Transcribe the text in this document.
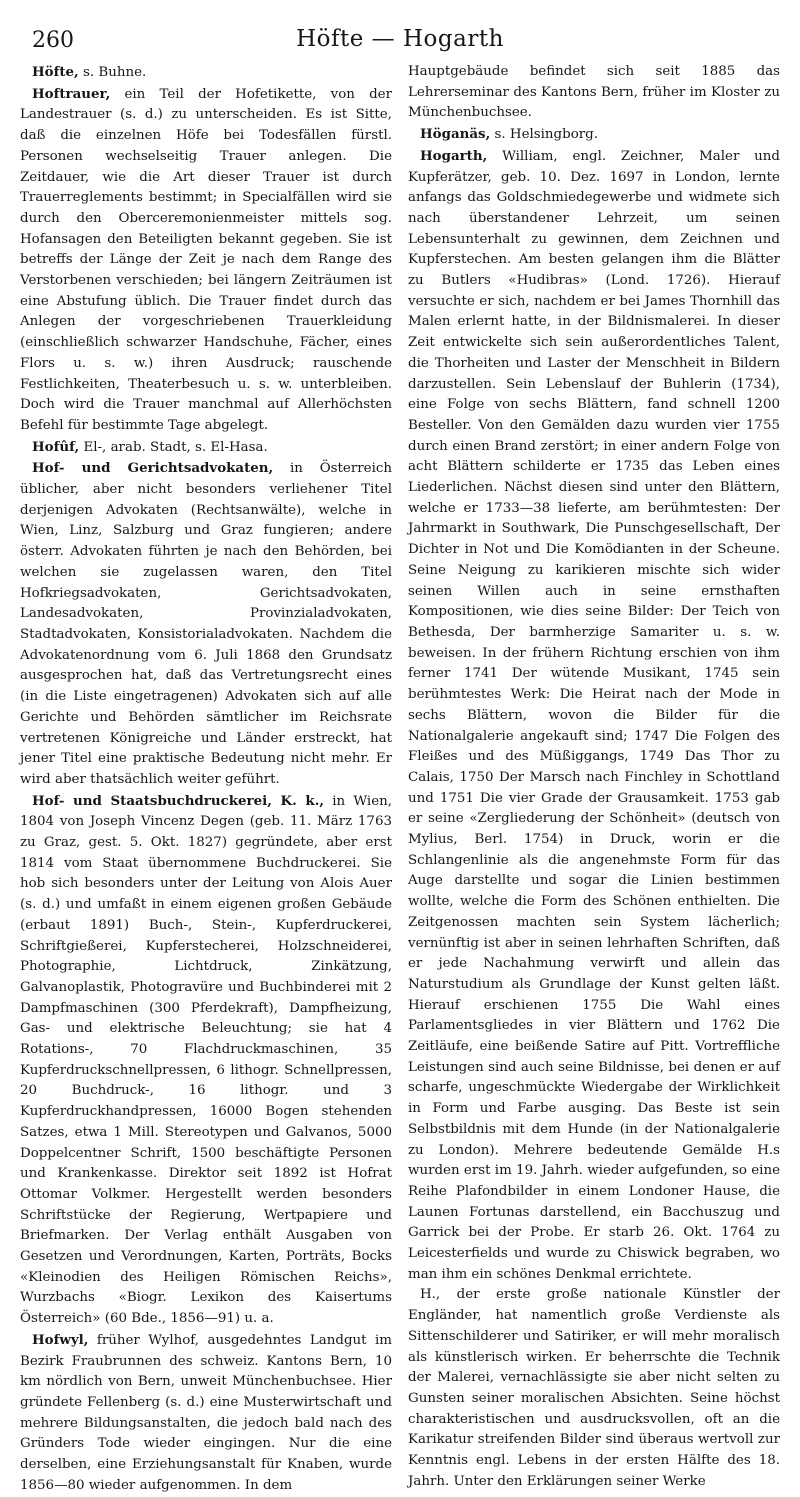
260	Höfte — Hogarth

Höfte, s. Buhne.

Hoftrauer, ein Teil der Hofetikette, von der Landestrauer (s. d.) zu unterscheiden. Es ist Sitte, daß die einzelnen Höfe bei Todesfällen fürstl. Personen wechselseitig Trauer anlegen. Die Zeitdauer, wie die Art dieser Trauer ist durch Trauerreglements bestimmt; in Specialfällen wird sie durch den Oberceremonienmeister mittels sog. Hofansagen den Beteiligten bekannt gegeben. Sie ist betreffs der Länge der Zeit je nach dem Range des Verstorbenen verschieden; bei längern Zeiträumen ist eine Abstufung üblich. Die Trauer findet durch das Anlegen der vorgeschriebenen Trauerkleidung (einschließlich schwarzer Handschuhe, Fächer, eines Flors u. s. w.) ihren Ausdruck; rauschende Festlichkeiten, Theaterbesuch u. s. w. unterbleiben. Doch wird die Trauer manchmal auf Allerhöchsten Befehl für bestimmte Tage abgelegt.

Hofûf, El-, arab. Stadt, s. El-Hasa.

Hof- und Gerichtsadvokaten, in Österreich üblicher, aber nicht besonders verliehener Titel derjenigen Advokaten (Rechtsanwälte), welche in Wien, Linz, Salzburg und Graz fungieren; andere österr. Advokaten führten je nach den Behörden, bei welchen sie zugelassen waren, den Titel Hofkriegsadvokaten, Gerichtsadvokaten, Landesadvokaten, Provinzialadvokaten, Stadtadvokaten, Konsistorialadvokaten. Nachdem die Advokatenordnung vom 6. Juli 1868 den Grundsatz ausgesprochen hat, daß das Vertretungsrecht eines (in die Liste eingetragenen) Advokaten sich auf alle Gerichte und Behörden sämtlicher im Reichsrate vertretenen Königreiche und Länder erstreckt, hat jener Titel eine praktische Bedeutung nicht mehr. Er wird aber thatsächlich weiter geführt.

Hof- und Staatsbuchdruckerei, K. k., in Wien, 1804 von Joseph Vincenz Degen (geb. 11. März 1763 zu Graz, gest. 5. Okt. 1827) gegründete, aber erst 1814 vom Staat übernommene Buchdruckerei. Sie hob sich besonders unter der Leitung von Alois Auer (s. d.) und umfaßt in einem eigenen großen Gebäude (erbaut 1891) Buch-, Stein-, Kupferdruckerei, Schriftgießerei, Kupferstecherei, Holzschneiderei, Photographie, Lichtdruck, Zinkätzung, Galvanoplastik, Photogravüre und Buchbinderei mit 2 Dampfmaschinen (300 Pferdekraft), Dampfheizung, Gas- und elektrische Beleuchtung; sie hat 4 Rotations-, 70 Flachdruckmaschinen, 35 Kupferdruckschnellpressen, 6 lithogr. Schnellpressen, 20 Buchdruck-, 16 lithogr. und 3 Kupferdruckhandpressen, 16000 Bogen stehenden Satzes, etwa 1 Mill. Stereotypen und Galvanos, 5000 Doppelcentner Schrift, 1500 beschäftigte Personen und Krankenkasse. Direktor seit 1892 ist Hofrat Ottomar Volkmer. Hergestellt werden besonders Schriftstücke der Regierung, Wertpapiere und Briefmarken. Der Verlag enthält Ausgaben von Gesetzen und Verordnungen, Karten, Porträts, Bocks «Kleinodien des Heiligen Römischen Reichs», Wurzbachs «Biogr. Lexikon des Kaisertums Österreich» (60 Bde., 1856—91) u. a.

Hofwyl, früher Wylhof, ausgedehntes Landgut im Bezirk Fraubrunnen des schweiz. Kantons Bern, 10 km nördlich von Bern, unweit Münchenbuchsee. Hier gründete Fellenberg (s. d.) eine Musterwirtschaft und mehrere Bildungsanstalten, die jedoch bald nach des Gründers Tode wieder eingingen. Nur die eine derselben, eine Erziehungsanstalt für Knaben, wurde 1856—80 wieder aufgenommen. In dem

Hauptgebäude befindet sich seit 1885 das Lehrerseminar des Kantons Bern, früher im Kloster zu Münchenbuchsee.

Höganäs, s. Helsingborg.

Hogarth, William, engl. Zeichner, Maler und Kupferätzer, geb. 10. Dez. 1697 in London, lernte anfangs das Goldschmiedegewerbe und widmete sich nach überstandener Lehrzeit, um seinen Lebensunterhalt zu gewinnen, dem Zeichnen und Kupferstechen. Am besten gelangen ihm die Blätter zu Butlers «Hudibras» (Lond. 1726). Hierauf versuchte er sich, nachdem er bei James Thornhill das Malen erlernt hatte, in der Bildnismalerei. In dieser Zeit entwickelte sich sein außerordentliches Talent, die Thorheiten und Laster der Menschheit in Bildern darzustellen. Sein Lebenslauf der Buhlerin (1734), eine Folge von sechs Blättern, fand schnell 1200 Besteller. Von den Gemälden dazu wurden vier 1755 durch einen Brand zerstört; in einer andern Folge von acht Blättern schilderte er 1735 das Leben eines Liederlichen. Nächst diesen sind unter den Blättern, welche er 1733—38 lieferte, am berühmtesten: Der Jahrmarkt in Southwark, Die Punschgesellschaft, Der Dichter in Not und Die Komödianten in der Scheune. Seine Neigung zu karikieren mischte sich wider seinen Willen auch in seine ernsthaften Kompositionen, wie dies seine Bilder: Der Teich von Bethesda, Der barmherzige Samariter u. s. w. beweisen. In der frühern Richtung erschien von ihm ferner 1741 Der wütende Musikant, 1745 sein berühmtestes Werk: Die Heirat nach der Mode in sechs Blättern, wovon die Bilder für die Nationalgalerie angekauft sind; 1747 Die Folgen des Fleißes und des Müßiggangs, 1749 Das Thor zu Calais, 1750 Der Marsch nach Finchley in Schottland und 1751 Die vier Grade der Grausamkeit. 1753 gab er seine «Zergliederung der Schönheit» (deutsch von Mylius, Berl. 1754) in Druck, worin er die Schlangenlinie als die angenehmste Form für das Auge darstellte und sogar die Linien bestimmen wollte, welche die Form des Schönen enthielten. Die Zeitgenossen machten sein System lächerlich; vernünftig ist aber in seinen lehrhaften Schriften, daß er jede Nachahmung verwirft und allein das Naturstudium als Grundlage der Kunst gelten läßt. Hierauf erschienen 1755 Die Wahl eines Parlamentsgliedes in vier Blättern und 1762 Die Zeitläufe, eine beißende Satire auf Pitt. Vortreffliche Leistungen sind auch seine Bildnisse, bei denen er auf scharfe, ungeschmückte Wiedergabe der Wirklichkeit in Form und Farbe ausging. Das Beste ist sein Selbstbildnis mit dem Hunde (in der Nationalgalerie zu London). Mehrere bedeutende Gemälde H.s wurden erst im 19. Jahrh. wieder aufgefunden, so eine Reihe Plafondbilder in einem Londoner Hause, die Launen Fortunas darstellend, ein Bacchuszug und Garrick bei der Probe. Er starb 26. Okt. 1764 zu Leicesterfields und wurde zu Chiswick begraben, wo man ihm ein schönes Denkmal errichtete.

H., der erste große nationale Künstler der Engländer, hat namentlich große Verdienste als Sittenschilderer und Satiriker, er will mehr moralisch als künstlerisch wirken. Er beherrschte die Technik der Malerei, vernachlässigte sie aber nicht selten zu Gunsten seiner moralischen Absichten. Seine höchst charakteristischen und ausdrucksvollen, oft an die Karikatur streifenden Bilder sind überaus wertvoll zur Kenntnis engl. Lebens in der ersten Hälfte des 18. Jahrh. Unter den Erklärungen seiner Werke
